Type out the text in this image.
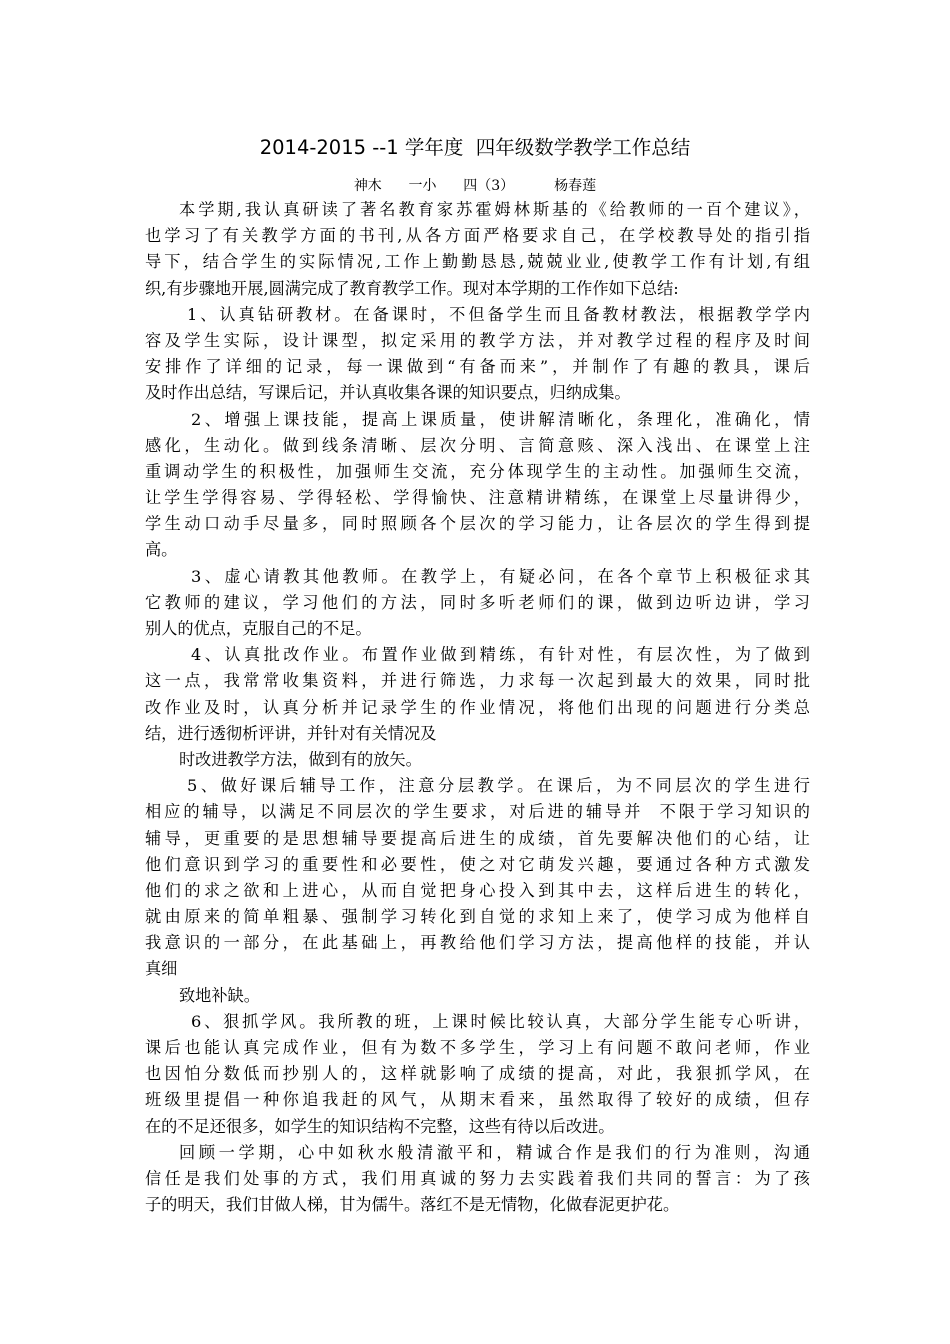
2014-2015 --1 学年度  四年级数学教学工作总结
神木      一小      四（3）         杨春莲
本学期,我认真研读了著名教育家苏霍姆林斯基的《给教师的一百个建议》，
也学习了有关教学方面的书刊,从各方面严格要求自己，在学校教导处的指引指
导下，结合学生的实际情况,工作上勤勤恳恳,兢兢业业,使教学工作有计划,有组
织,有步骤地开展,圆满完成了教育教学工作。现对本学期的工作作如下总结:
1、认真钻研教材。在备课时，不但备学生而且备教材教法，根据教学学内
容及学生实际，设计课型，拟定采用的教学方法，并对教学过程的程序及时间
安排作了详细的记录，每一课做到“有备而来”，并制作了有趣的教具，课后
及时作出总结，写课后记，并认真收集各课的知识要点，归纳成集。
2、增强上课技能，提高上课质量，使讲解清晰化，条理化，准确化，情
感化，生动化。做到线条清晰、层次分明、言简意赅、深入浅出、在课堂上注
重调动学生的积极性，加强师生交流，充分体现学生的主动性。加强师生交流，
让学生学得容易、学得轻松、学得愉快、注意精讲精练，在课堂上尽量讲得少，
学生动口动手尽量多，同时照顾各个层次的学习能力，让各层次的学生得到提
高。
3、虚心请教其他教师。在教学上，有疑必问，在各个章节上积极征求其
它教师的建议，学习他们的方法，同时多听老师们的课，做到边听边讲，学习
别人的优点，克服自己的不足。
4、认真批改作业。布置作业做到精练，有针对性，有层次性，为了做到
这一点，我常常收集资料，并进行筛选，力求每一次起到最大的效果，同时批
改作业及时，认真分析并记录学生的作业情况，将他们出现的问题进行分类总
结，进行透彻析评讲，并针对有关情况及
时改进教学方法，做到有的放矢。
5、做好课后辅导工作，注意分层教学。在课后，为不同层次的学生进行
相应的辅导，以满足不同层次的学生要求，对后进的辅导并  不限于学习知识的
辅导，更重要的是思想辅导要提高后进生的成绩，首先要解决他们的心结，让
他们意识到学习的重要性和必要性，使之对它萌发兴趣，要通过各种方式激发
他们的求之欲和上进心，从而自觉把身心投入到其中去，这样后进生的转化，
就由原来的简单粗暴、强制学习转化到自觉的求知上来了，使学习成为他样自
我意识的一部分，在此基础上，再教给他们学习方法，提高他样的技能，并认
真细
致地补缺。
6、狠抓学风。我所教的班，上课时候比较认真，大部分学生能专心听讲，
课后也能认真完成作业，但有为数不多学生，学习上有问题不敢问老师，作业
也因怕分数低而抄别人的，这样就影响了成绩的提高，对此，我狠抓学风，在
班级里提倡一种你追我赶的风气，从期末看来，虽然取得了较好的成绩，但存
在的不足还很多，如学生的知识结构不完整，这些有待以后改进。
回顾一学期，心中如秋水般清澈平和，精诚合作是我们的行为准则，沟通
信任是我们处事的方式，我们用真诚的努力去实践着我们共同的誓言：为了孩
子的明天，我们甘做人梯，甘为儒牛。落红不是无情物，化做春泥更护花。
